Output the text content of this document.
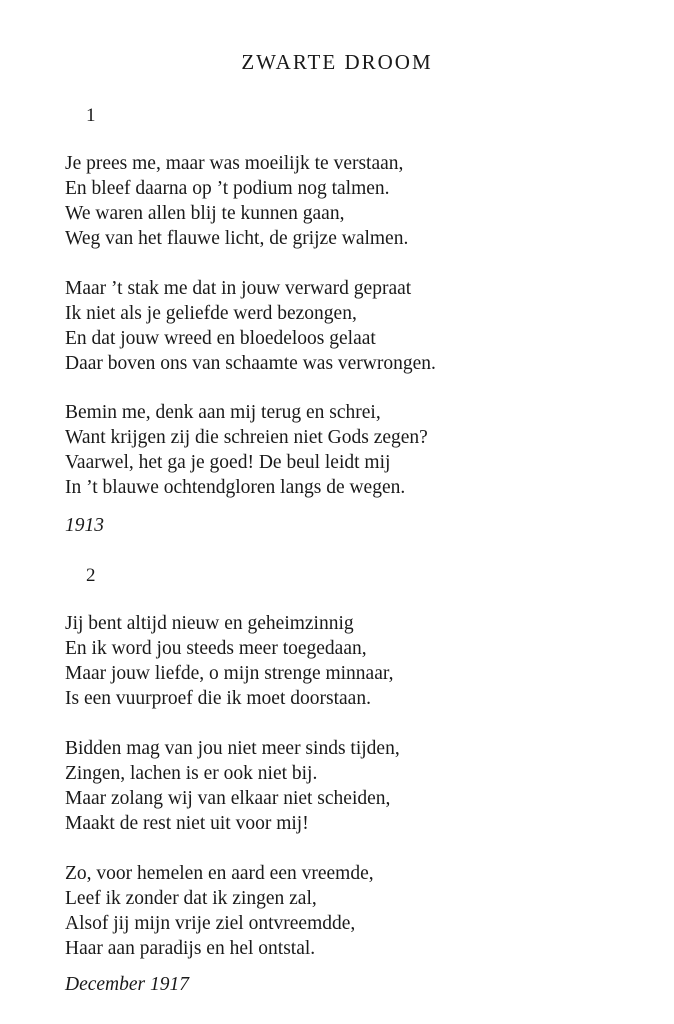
ZWARTE DROOM
1
Je prees me, maar was moeilijk te verstaan,
En bleef daarna op ’t podium nog talmen.
We waren allen blij te kunnen gaan,
Weg van het flauwe licht, de grijze walmen.
Maar ’t stak me dat in jouw verward gepraat
Ik niet als je geliefde werd bezongen,
En dat jouw wreed en bloedeloos gelaat
Daar boven ons van schaamte was verwrongen.
Bemin me, denk aan mij terug en schrei,
Want krijgen zij die schreien niet Gods zegen?
Vaarwel, het ga je goed! De beul leidt mij
In ’t blauwe ochtendgloren langs de wegen.
1913
2
Jij bent altijd nieuw en geheimzinnig
En ik word jou steeds meer toegedaan,
Maar jouw liefde, o mijn strenge minnaar,
Is een vuurproef die ik moet doorstaan.
Bidden mag van jou niet meer sinds tijden,
Zingen, lachen is er ook niet bij.
Maar zolang wij van elkaar niet scheiden,
Maakt de rest niet uit voor mij!
Zo, voor hemelen en aard een vreemde,
Leef ik zonder dat ik zingen zal,
Alsof jij mijn vrije ziel ontvreemdde,
Haar aan paradijs en hel ontstal.
December 1917
